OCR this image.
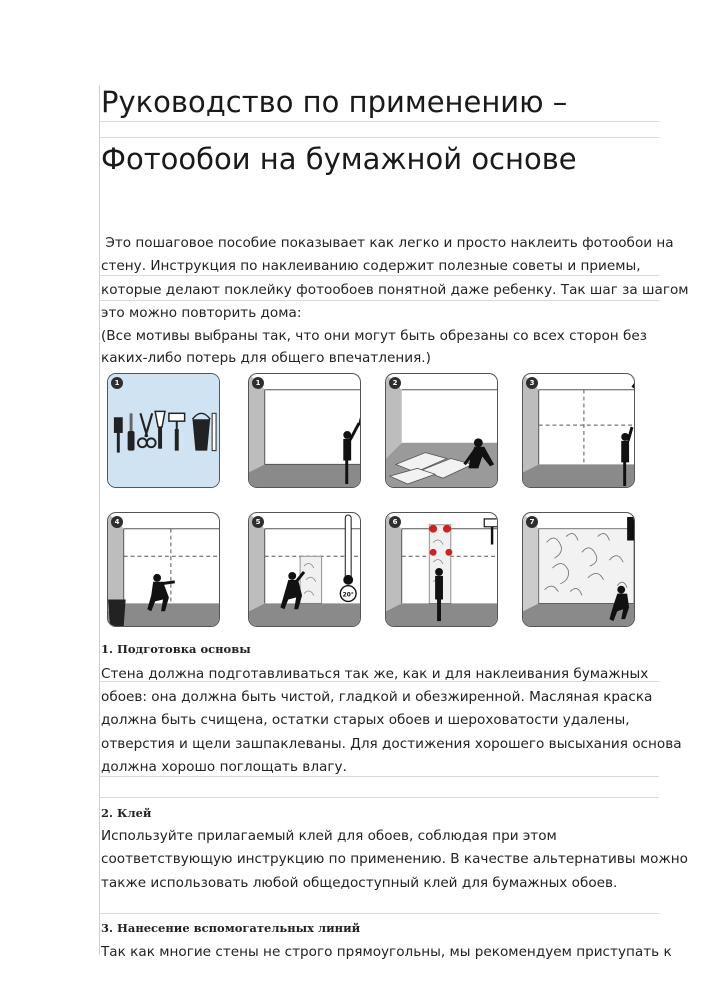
Руководство по применению –
Фотообои на бумажной основе
Это пошаговое пособие показывает как легко и просто наклеить фотообои на
стену. Инструкция по наклеиванию содержит полезные советы и приемы,
которые делают поклейку фотообоев понятной даже ребенку. Так шаг за шагом
это можно повторить дома:
(Все мотивы выбраны так, что они могут быть обрезаны со всех сторон без
каких-либо потерь для общего впечатления.)
1	1	2	3
4	5
20°
6	7
1. Подготовка основы
Стена должна подготавливаться так же, как и для наклеивания бумажных
обоев: она должна быть чистой, гладкой и обезжиренной. Масляная краска
должна быть счищена, остатки старых обоев и шероховатости удалены,
отверстия и щели зашпаклеваны. Для достижения хорошего высыхания основа
должна хорошо поглощать влагу.
2. Клей
Используйте прилагаемый клей для обоев, соблюдая при этом
соответствующую инструкцию по применению. В качестве альтернативы можно
также использовать любой общедоступный клей для бумажных обоев.
3. Нанесение вспомогательных линий
Так как многие стены не строго прямоугольны, мы рекомендуем приступать к
